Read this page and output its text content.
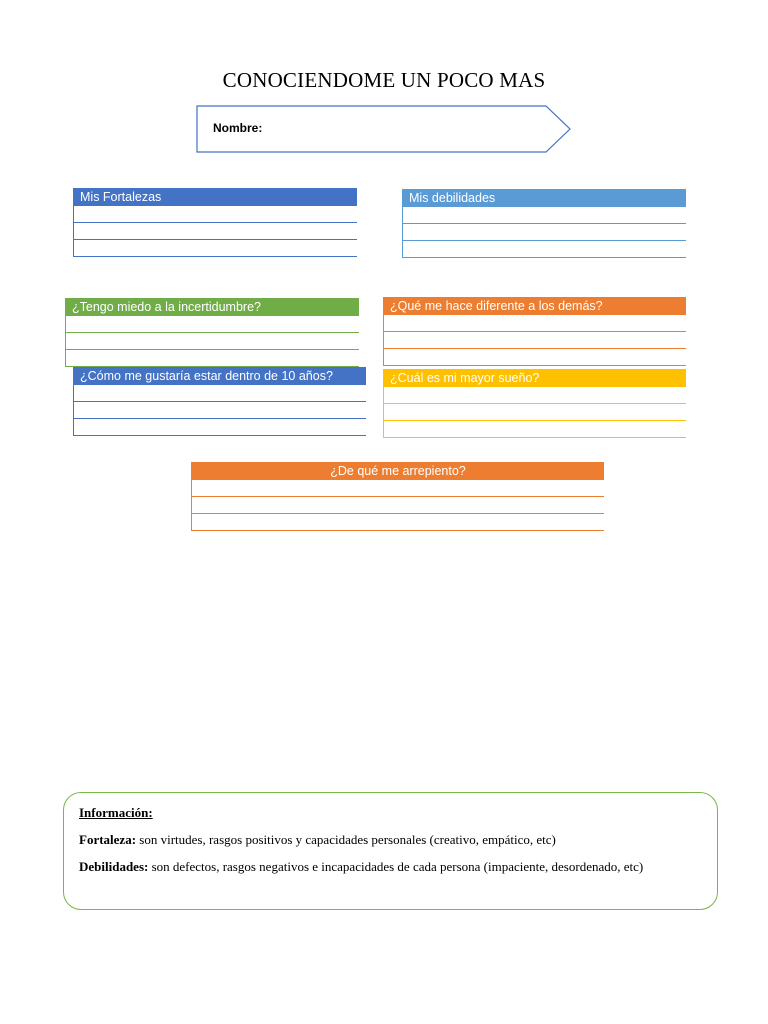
CONOCIENDOME UN POCO MAS
Nombre:
Mis Fortalezas	Mis debilidades
¿Tengo miedo a la incertidumbre?	¿Qué me hace diferente a los demás?
¿Cómo me gustaría estar dentro de 10 años?	¿Cuál es mi mayor sueño?
¿De qué me arrepiento?
Información:

Fortaleza: son virtudes, rasgos positivos y capacidades personales (creativo, empático, etc)

Debilidades: son defectos, rasgos negativos e incapacidades de cada persona (impaciente, desordenado, etc)
